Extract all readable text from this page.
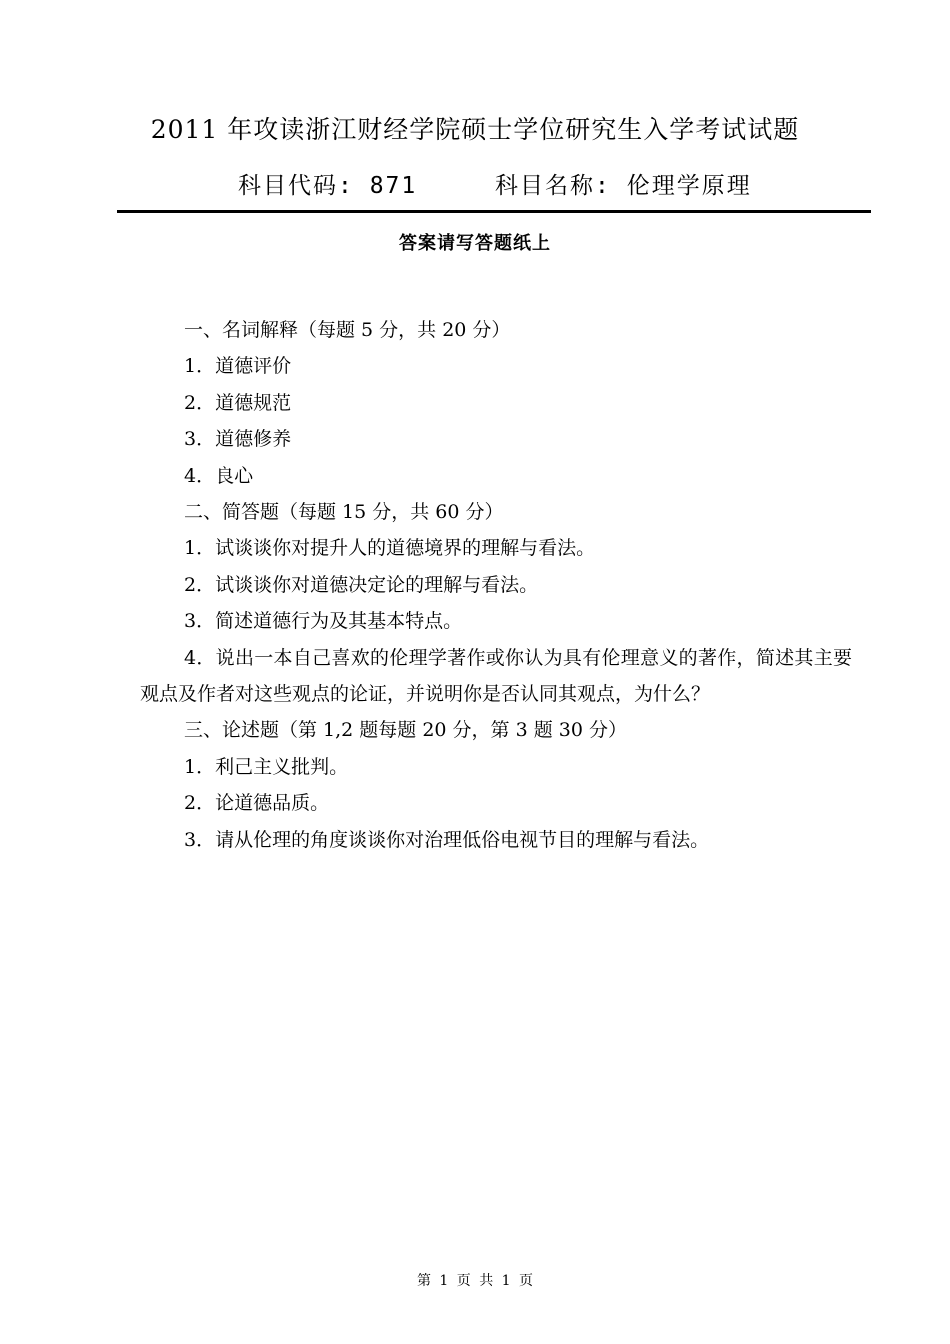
2011 年攻读浙江财经学院硕士学位研究生入学考试试题
科目代码: 871	科目名称: 伦理学原理
答案请写答题纸上
一、名词解释（每题 5 分，共 20 分）
1．道德评价
2．道德规范
3．道德修养
4．良心
二、简答题（每题 15 分，共 60 分）
1．试谈谈你对提升人的道德境界的理解与看法。
2．试谈谈你对道德决定论的理解与看法。
3．简述道德行为及其基本特点。
4．说出一本自己喜欢的伦理学著作或你认为具有伦理意义的著作，简述其主要观点及作者对这些观点的论证，并说明你是否认同其观点，为什么？
三、论述题（第 1,2 题每题 20 分，第 3 题 30 分）
1．利己主义批判。
2．论道德品质。
3．请从伦理的角度谈谈你对治理低俗电视节目的理解与看法。
第 1 页 共 1 页
